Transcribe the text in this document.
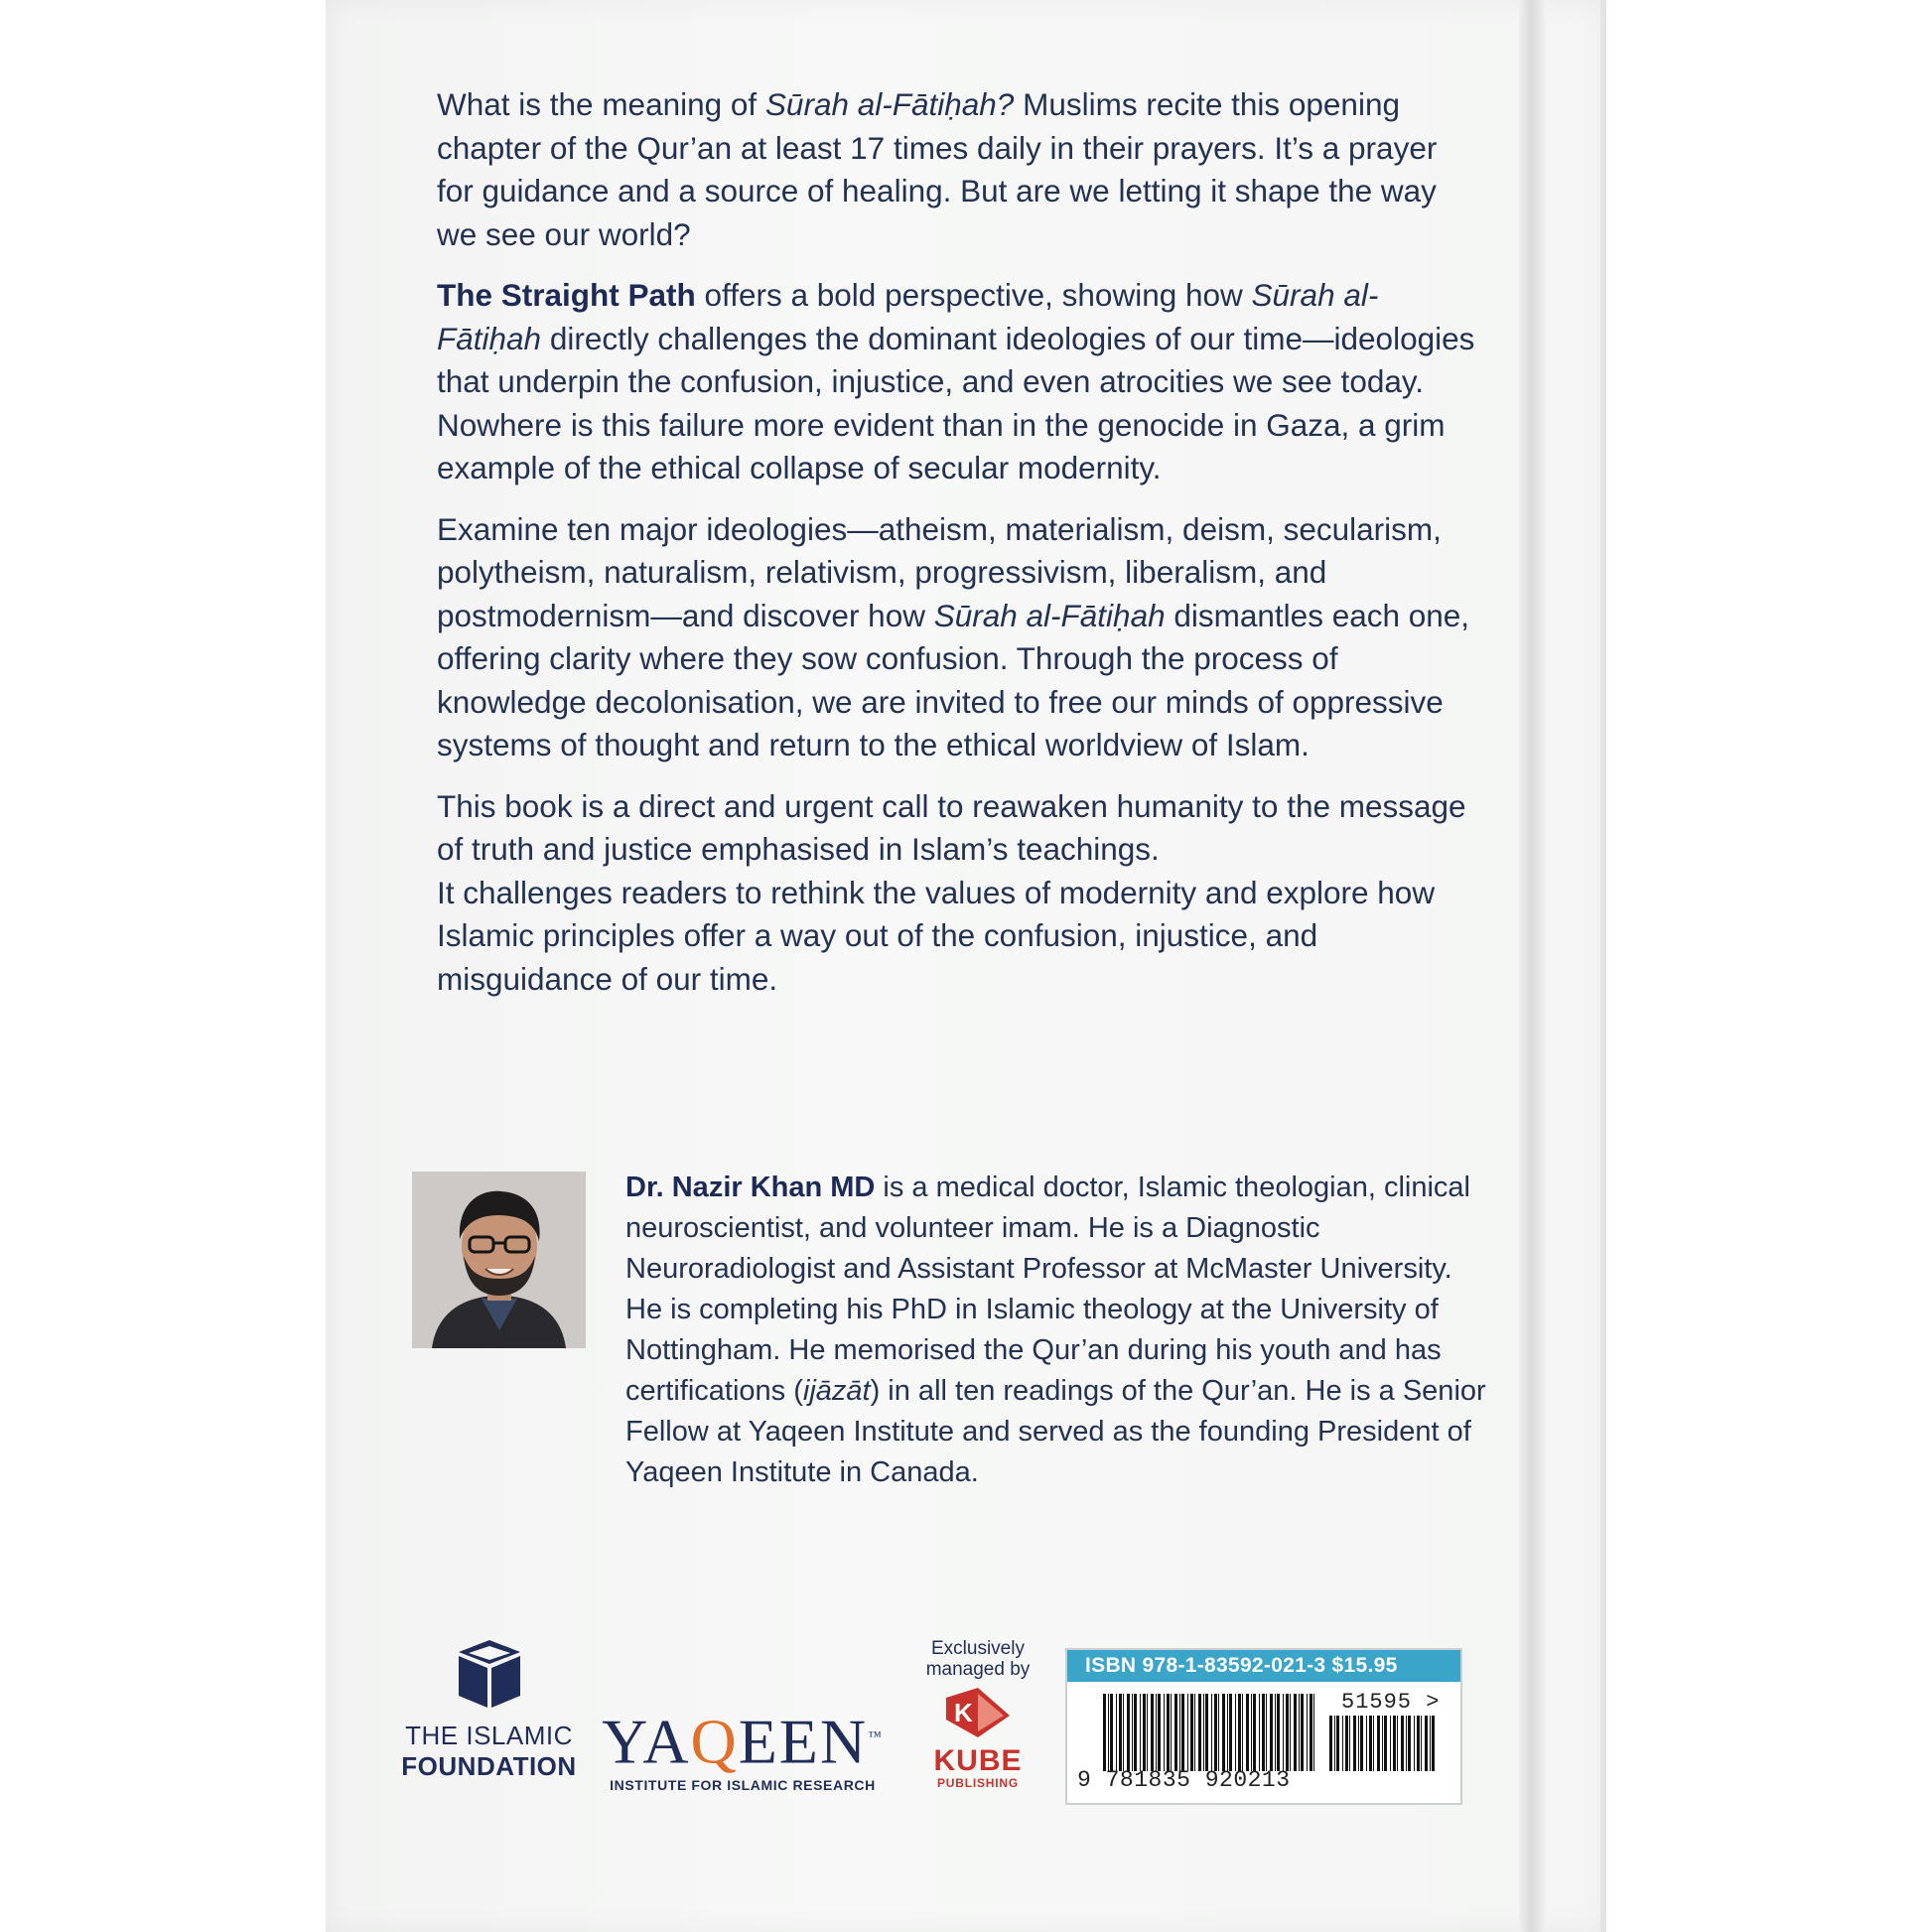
What is the meaning of Sūrah al-Fātiḥah? Muslims recite this opening chapter of the Qur’an at least 17 times daily in their prayers. It’s a prayer for guidance and a source of healing. But are we letting it shape the way we see our world?

The Straight Path offers a bold perspective, showing how Sūrah al-Fātiḥah directly challenges the dominant ideologies of our time—ideologies that underpin the confusion, injustice, and even atrocities we see today. Nowhere is this failure more evident than in the genocide in Gaza, a grim example of the ethical collapse of secular modernity.

Examine ten major ideologies—atheism, materialism, deism, secularism, polytheism, naturalism, relativism, progressivism, liberalism, and postmodernism—and discover how Sūrah al-Fātiḥah dismantles each one, offering clarity where they sow confusion. Through the process of knowledge decolonisation, we are invited to free our minds of oppressive systems of thought and return to the ethical worldview of Islam.

This book is a direct and urgent call to reawaken humanity to the message of truth and justice emphasised in Islam’s teachings.
It challenges readers to rethink the values of modernity and explore how Islamic principles offer a way out of the confusion, injustice, and misguidance of our time.

Dr. Nazir Khan MD is a medical doctor, Islamic theologian, clinical neuroscientist, and volunteer imam. He is a Diagnostic Neuroradiologist and Assistant Professor at McMaster University. He is completing his PhD in Islamic theology at the University of Nottingham. He memorised the Qur’an during his youth and has certifications (ijāzāt) in all ten readings of the Qur’an. He is a Senior Fellow at Yaqeen Institute and served as the founding President of Yaqeen Institute in Canada.
THE ISLAMIC
FOUNDATION YAQEEN™
INSTITUTE FOR ISLAMIC RESEARCH
Exclusively
managed by
K
KUBE
PUBLISHING
ISBN 978-1-83592-021-3 $15.95
9 781835 920213
51595 >
